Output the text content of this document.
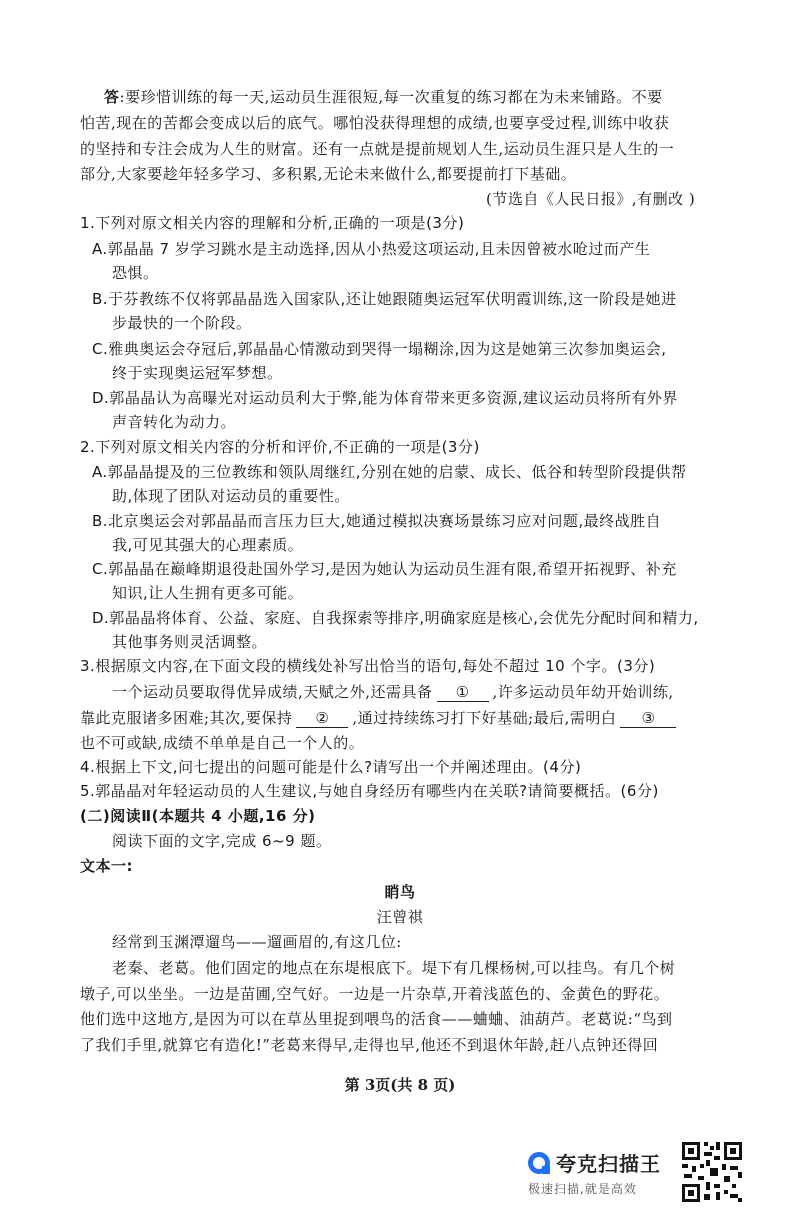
答:要珍惜训练的每一天,运动员生涯很短,每一次重复的练习都在为未来铺路。不要
怕苦,现在的苦都会变成以后的底气。哪怕没获得理想的成绩,也要享受过程,训练中收获
的坚持和专注会成为人生的财富。还有一点就是提前规划人生,运动员生涯只是人生的一
部分,大家要趁年轻多学习、多积累,无论未来做什么,都要提前打下基础。
(节选自《人民日报》,有删改 )
1.下列对原文相关内容的理解和分析,正确的一项是(3分)
A.郭晶晶 7 岁学习跳水是主动选择,因从小热爱这项运动,且未因曾被水呛过而产生
恐惧。
B.于芬教练不仅将郭晶晶选入国家队,还让她跟随奥运冠军伏明霞训练,这一阶段是她进
步最快的一个阶段。
C.雅典奥运会夺冠后,郭晶晶心情激动到哭得一塌糊涂,因为这是她第三次参加奥运会,
终于实现奥运冠军梦想。
D.郭晶晶认为高曝光对运动员利大于弊,能为体育带来更多资源,建议运动员将所有外界
声音转化为动力。
2.下列对原文相关内容的分析和评价,不正确的一项是(3分)
A.郭晶晶提及的三位教练和领队周继红,分别在她的启蒙、成长、低谷和转型阶段提供帮
助,体现了团队对运动员的重要性。
B.北京奥运会对郭晶晶而言压力巨大,她通过模拟决赛场景练习应对问题,最终战胜自
我,可见其强大的心理素质。
C.郭晶晶在巅峰期退役赴国外学习,是因为她认为运动员生涯有限,希望开拓视野、补充
知识,让人生拥有更多可能。
D.郭晶晶将体育、公益、家庭、自我探索等排序,明确家庭是核心,会优先分配时间和精力,
其他事务则灵活调整。
3.根据原文内容,在下面文段的横线处补写出恰当的语句,每处不超过 10 个字。(3分)
一个运动员要取得优异成绩,天赋之外,还需具备 ① ,许多运动员年幼开始训练,
靠此克服诸多困难;其次,要保持 ② ,通过持续练习打下好基础;最后,需明白 ③
也不可或缺,成绩不单单是自己一个人的。
4.根据上下文,问七提出的问题可能是什么?请写出一个并阐述理由。(4分)
5.郭晶晶对年轻运动员的人生建议,与她自身经历有哪些内在关联?请简要概括。(6分)
(二)阅读Ⅱ(本题共 4 小题,16 分)
阅读下面的文字,完成 6~9 题。
文本一:
睄鸟
汪曾祺
经常到玉渊潭遛鸟——遛画眉的,有这几位:
老秦、老葛。他们固定的地点在东堤根底下。堤下有几棵杨树,可以挂鸟。有几个树
墩子,可以坐坐。一边是苗圃,空气好。一边是一片杂草,开着浅蓝色的、金黄色的野花。
他们选中这地方,是因为可以在草丛里捉到喂鸟的活食——蛐蛐、油葫芦。老葛说:“鸟到
了我们手里,就算它有造化!”老葛来得早,走得也早,他还不到退休年龄,赶八点钟还得回
第 3页(共 8 页)
夸克扫描王
极速扫描,就是高效
